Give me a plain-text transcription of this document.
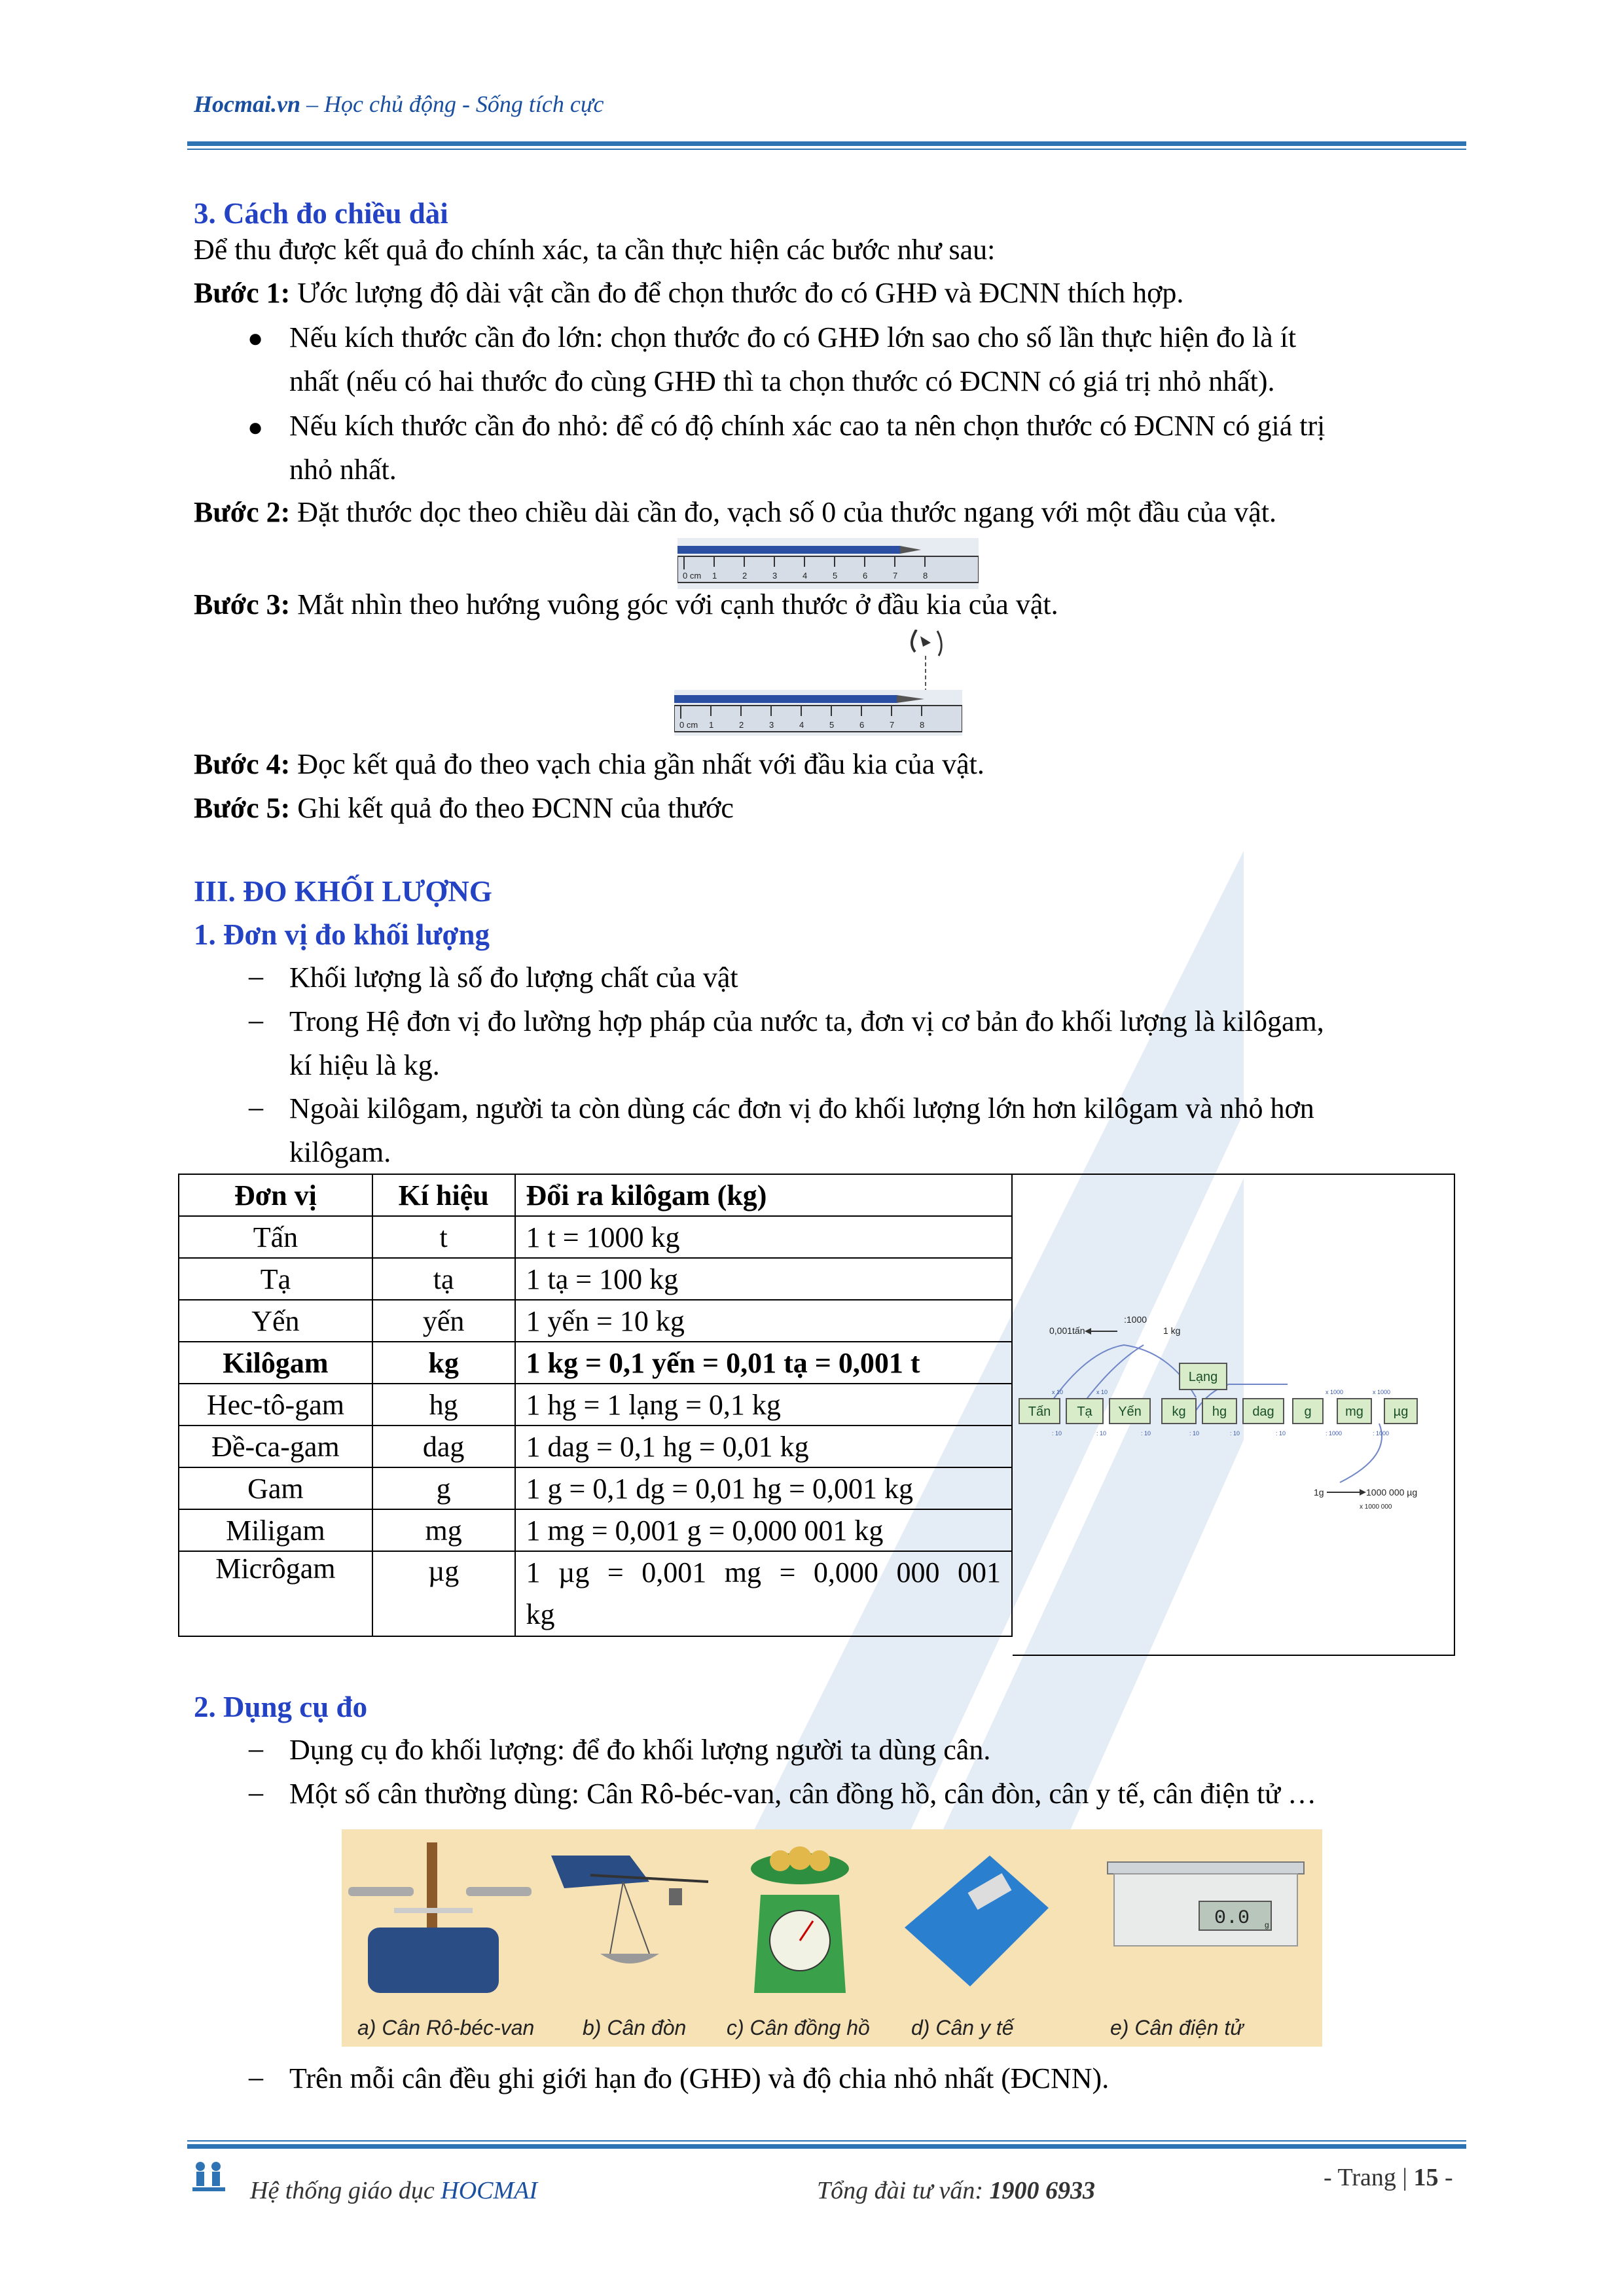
Hocmai.vn – Học chủ động - Sống tích cực
3. Cách đo chiều dài
Để thu được kết quả đo chính xác, ta cần thực hiện các bước như sau:
Bước 1: Ước lượng độ dài vật cần đo để chọn thước đo có GHĐ và ĐCNN thích hợp.
● Nếu kích thước cần đo lớn: chọn thước đo có GHĐ lớn sao cho số lần thực hiện đo là ít
nhất (nếu có hai thước đo cùng GHĐ thì ta chọn thước có ĐCNN có giá trị nhỏ nhất).
● Nếu kích thước cần đo nhỏ: để có độ chính xác cao ta nên chọn thước có ĐCNN có giá trị
nhỏ nhất.
Bước 2: Đặt thước dọc theo chiều dài cần đo, vạch số 0 của thước ngang với một đầu của vật.
0 cm 1	2	3	4	5	6	7	8
Bước 3: Mắt nhìn theo hướng vuông góc với cạnh thước ở đầu kia của vật.
0 cm 1	2	3	4	5	6	7	8
Bước 4: Đọc kết quả đo theo vạch chia gần nhất với đầu kia của vật.
Bước 5: Ghi kết quả đo theo ĐCNN của thước
III. ĐO KHỐI LƯỢNG
1. Đơn vị đo khối lượng
– Khối lượng là số đo lượng chất của vật
– Trong Hệ đơn vị đo lường hợp pháp của nước ta, đơn vị cơ bản đo khối lượng là kilôgam,
kí hiệu là kg.
– Ngoài kilôgam, người ta còn dùng các đơn vị đo khối lượng lớn hơn kilôgam và nhỏ hơn
kilôgam.
Đơn vị	Kí hiệu	Đổi ra kilôgam (kg)
Tấn	t	1 t = 1000 kg
Tạ	tạ	1 tạ = 100 kg
Yến	yến	1 yến = 10 kg
Kilôgam	kg	1 kg = 0,1 yến = 0,01 tạ = 0,001 t
Hec-tô-gam	hg	1 hg = 1 lạng = 0,1 kg
Đề-ca-gam	dag	1 dag = 0,1 hg = 0,01 kg
Gam	g	1 g = 0,1 dg = 0,01 hg = 0,001 kg
Miligam	mg	1 mg = 0,001 g = 0,000 001 kg
Micrôgam	µg	1 µg = 0,001 mg = 0,000 000 001
kg
0,001tấn
:1000
1 kg
1g	1000 000 µg
x 1000 000
Lạng
Tấn Tạ Yến kg hg dag g	mg µg
x 10	x 10
: 10	: 10	: 10	: 10	: 10	: 10
x 1000	x 1000
: 1000	: 1000
2. Dụng cụ đo
– Dụng cụ đo khối lượng: để đo khối lượng người ta dùng cân.
– Một số cân thường dùng: Cân Rô-béc-van, cân đồng hồ, cân đòn, cân y tế, cân điện tử …
0.0 g
a) Cân Rô-béc-van b) Cân đòn c) Cân đồng hồ d) Cân y tế	e) Cân điện tử
– Trên mỗi cân đều ghi giới hạn đo (GHĐ) và độ chia nhỏ nhất (ĐCNN).
Hệ thống giáo dục HOCMAI	Tổng đài tư vấn: 1900 6933	- Trang | 15 -
